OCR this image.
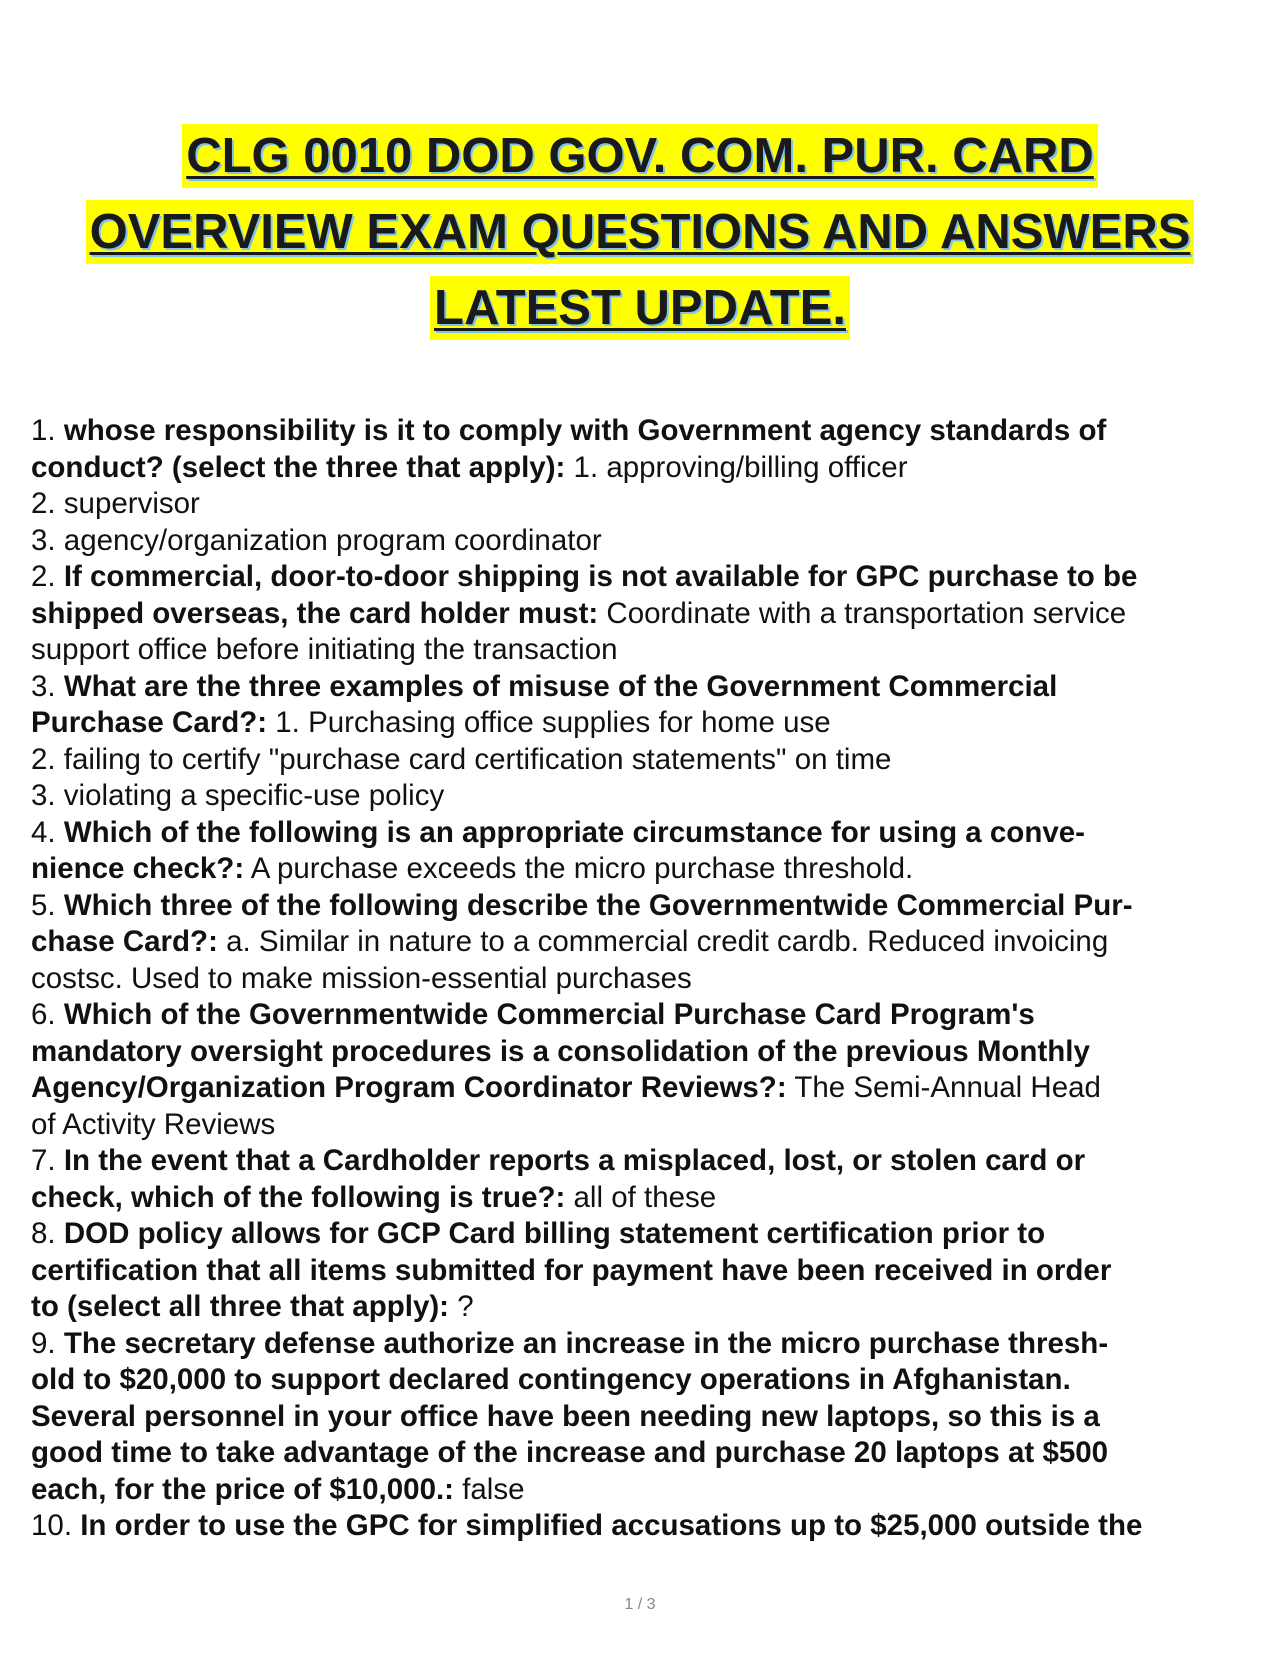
CLG 0010 DOD GOV. COM. PUR. CARD
OVERVIEW EXAM QUESTIONS AND ANSWERS
LATEST UPDATE.
1. whose responsibility is it to comply with Government agency standards of
conduct? (select the three that apply): 1. approving/billing officer
2. supervisor
3. agency/organization program coordinator
2. If commercial, door-to-door shipping is not available for GPC purchase to be
shipped overseas, the card holder must: Coordinate with a transportation service
support office before initiating the transaction
3. What are the three examples of misuse of the Government Commercial
Purchase Card?: 1. Purchasing office supplies for home use
2. failing to certify "purchase card certification statements" on time
3. violating a specific-use policy
4. Which of the following is an appropriate circumstance for using a conve-
nience check?: A purchase exceeds the micro purchase threshold.
5. Which three of the following describe the Governmentwide Commercial Pur-
chase Card?: a. Similar in nature to a commercial credit cardb. Reduced invoicing
costsc. Used to make mission-essential purchases
6. Which of the Governmentwide Commercial Purchase Card Program's
mandatory oversight procedures is a consolidation of the previous Monthly
Agency/Organization Program Coordinator Reviews?: The Semi-Annual Head
of Activity Reviews
7. In the event that a Cardholder reports a misplaced, lost, or stolen card or
check, which of the following is true?: all of these
8. DOD policy allows for GCP Card billing statement certification prior to
certification that all items submitted for payment have been received in order
to (select all three that apply): ?
9. The secretary defense authorize an increase in the micro purchase thresh-
old to $20,000 to support declared contingency operations in Afghanistan.
Several personnel in your office have been needing new laptops, so this is a
good time to take advantage of the increase and purchase 20 laptops at $500
each, for the price of $10,000.: false
10. In order to use the GPC for simplified accusations up to $25,000 outside the
1 / 3
